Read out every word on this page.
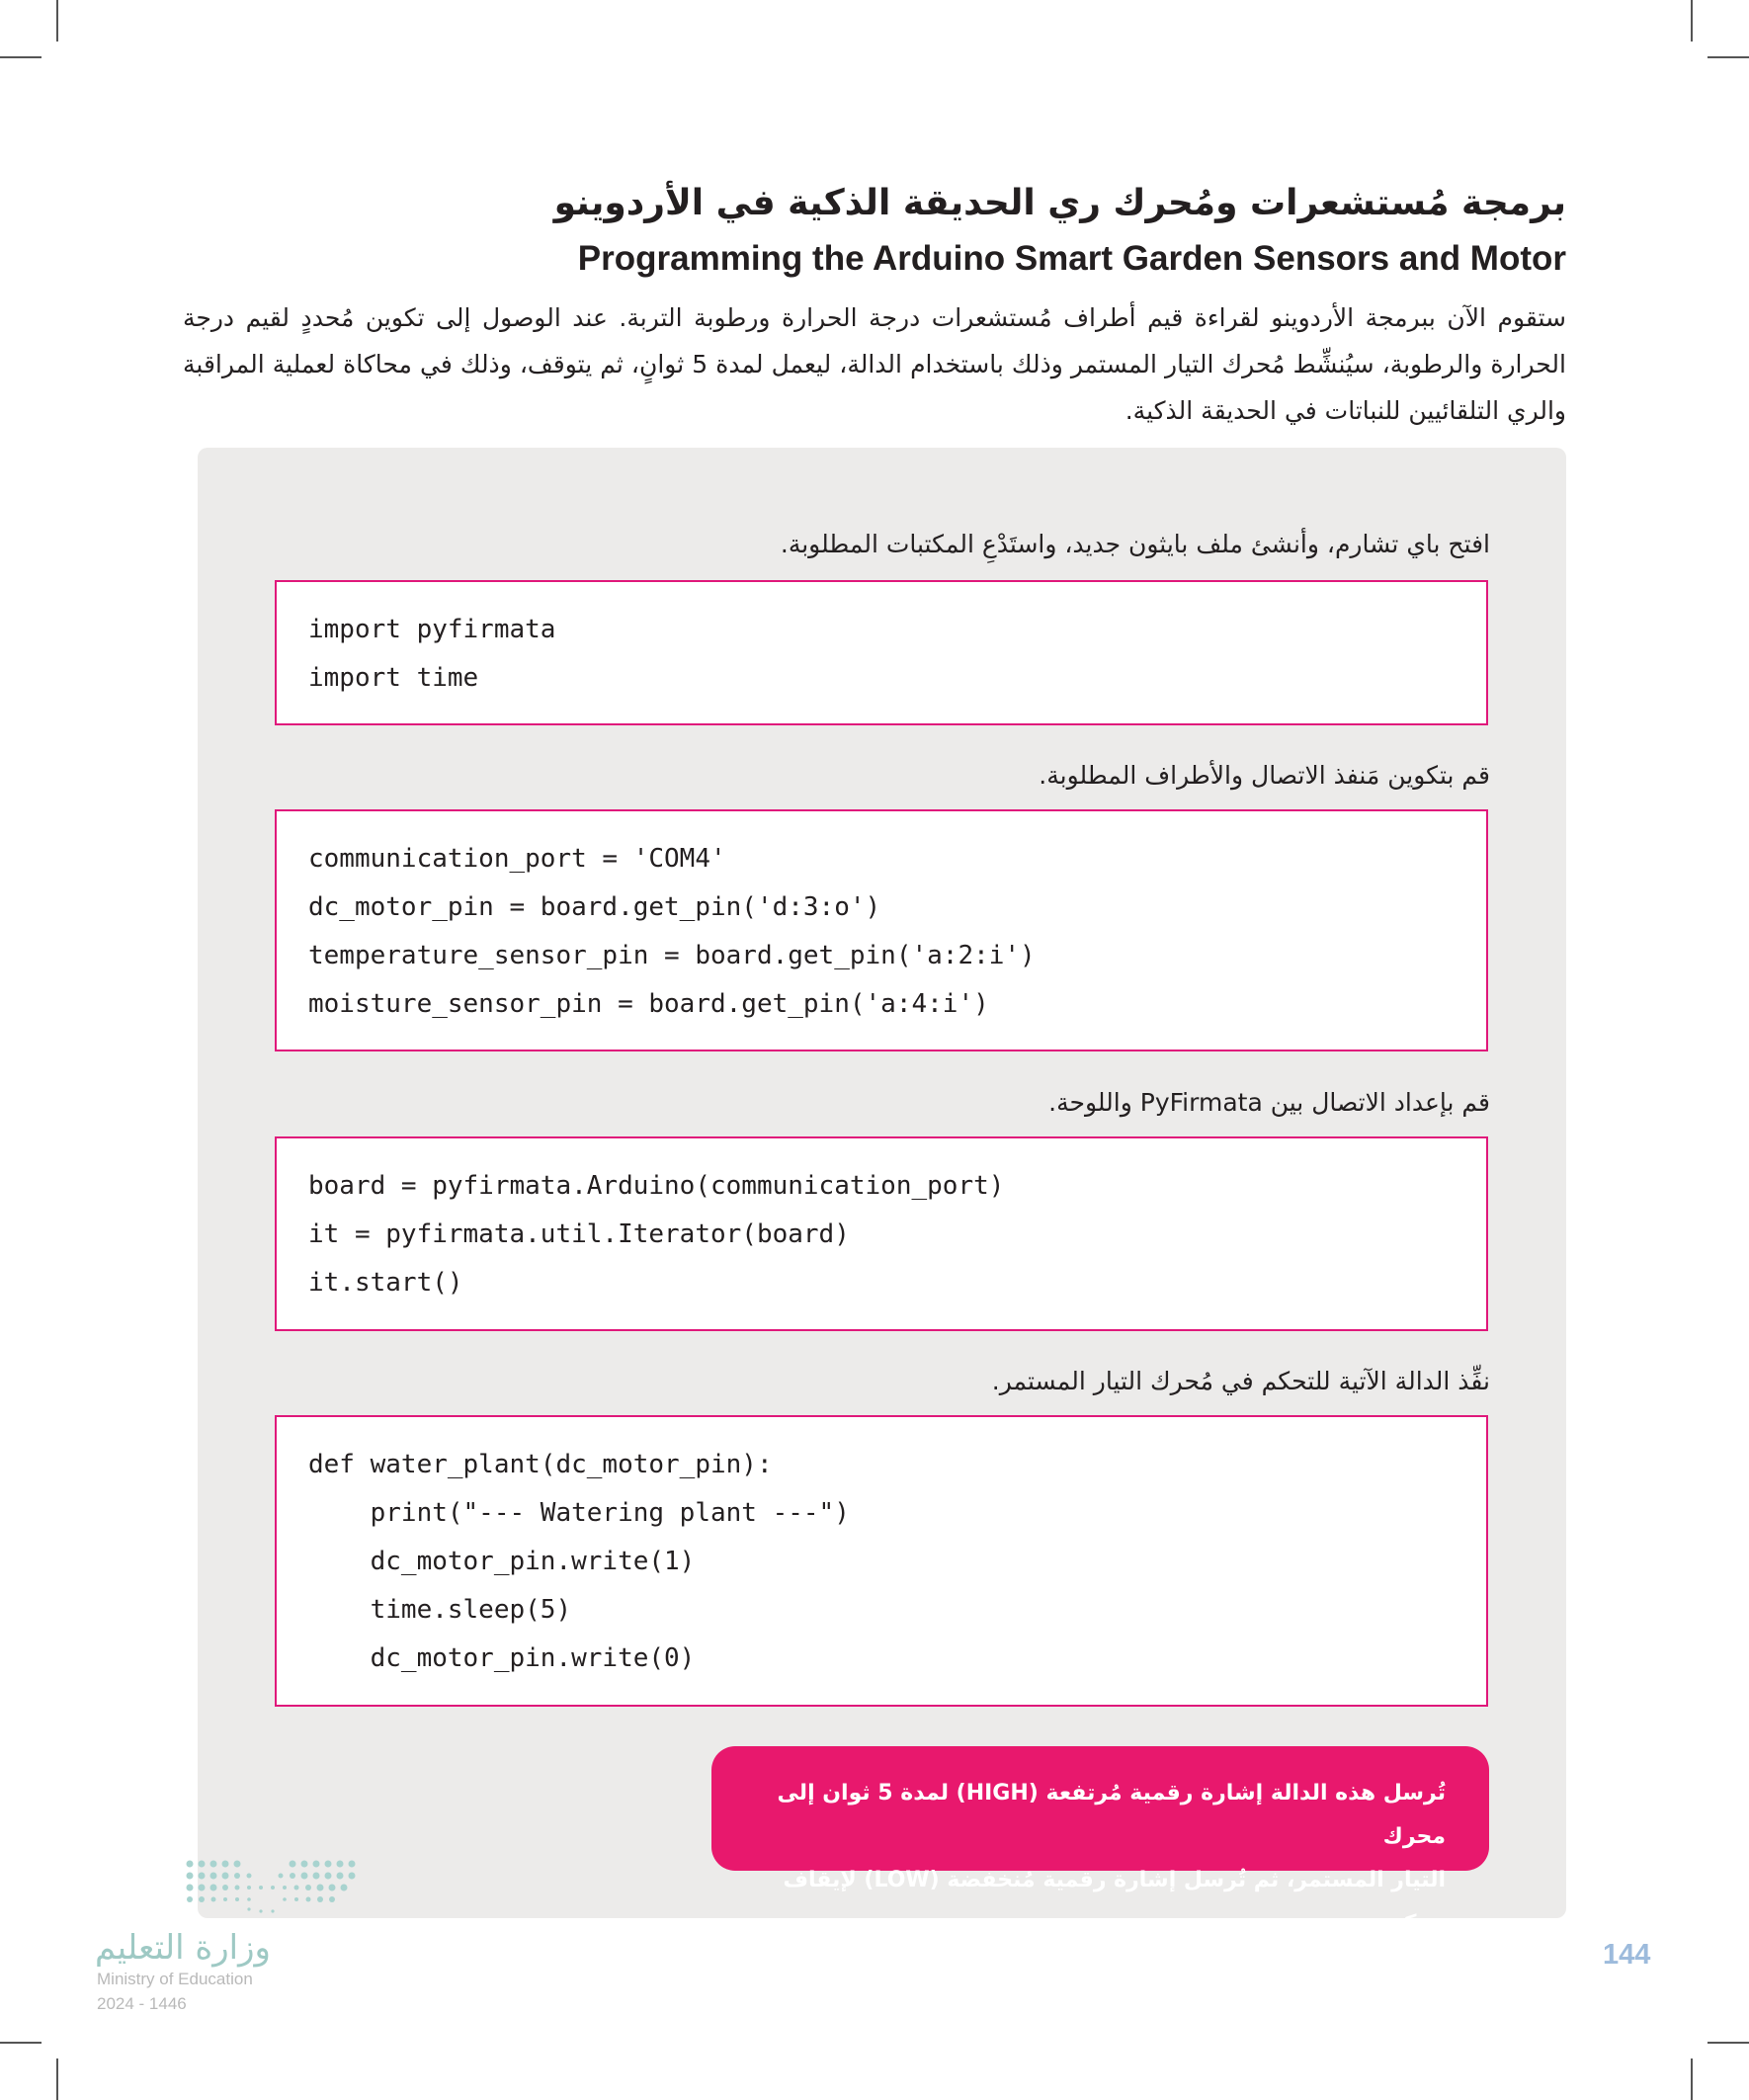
برمجة مُستشعرات ومُحرك ري الحديقة الذكية في الأردوينو
Programming the Arduino Smart Garden Sensors and Motor
ستقوم الآن ببرمجة الأردوينو لقراءة قيم أطراف مُستشعرات درجة الحرارة ورطوبة التربة. عند الوصول إلى تكوين مُحددٍ لقيم درجة الحرارة والرطوبة، سيُنشِّط مُحرك التيار المستمر وذلك باستخدام الدالة، ليعمل لمدة 5 ثوانٍ، ثم يتوقف، وذلك في محاكاة لعملية المراقبة والري التلقائيين للنباتات في الحديقة الذكية.
افتح باي تشارم، وأنشئ ملف بايثون جديد، واستَدْعِ المكتبات المطلوبة.
import pyfirmata
import time
قم بتكوين مَنفذ الاتصال والأطراف المطلوبة.
communication_port = 'COM4'
dc_motor_pin = board.get_pin('d:3:o')
temperature_sensor_pin = board.get_pin('a:2:i')
moisture_sensor_pin = board.get_pin('a:4:i')
قم بإعداد الاتصال بين PyFirmata واللوحة.
board = pyfirmata.Arduino(communication_port)
it = pyfirmata.util.Iterator(board)
it.start()
نفِّذ الدالة الآتية للتحكم في مُحرك التيار المستمر.
def water_plant(dc_motor_pin):
print("--- Watering plant ---")
dc_motor_pin.write(1)
time.sleep(5)
dc_motor_pin.write(0)
تُرسل هذه الدالة إشارة رقمية مُرتفعة (HIGH) لمدة 5 ثوان إلى محرك
التيار المستمر، ثم تُرسل إشارة رقمية مُنخفضة (LOW) لإيقاف حركته.
وزارة التعليم
Ministry of Education
2024 - 1446
144
